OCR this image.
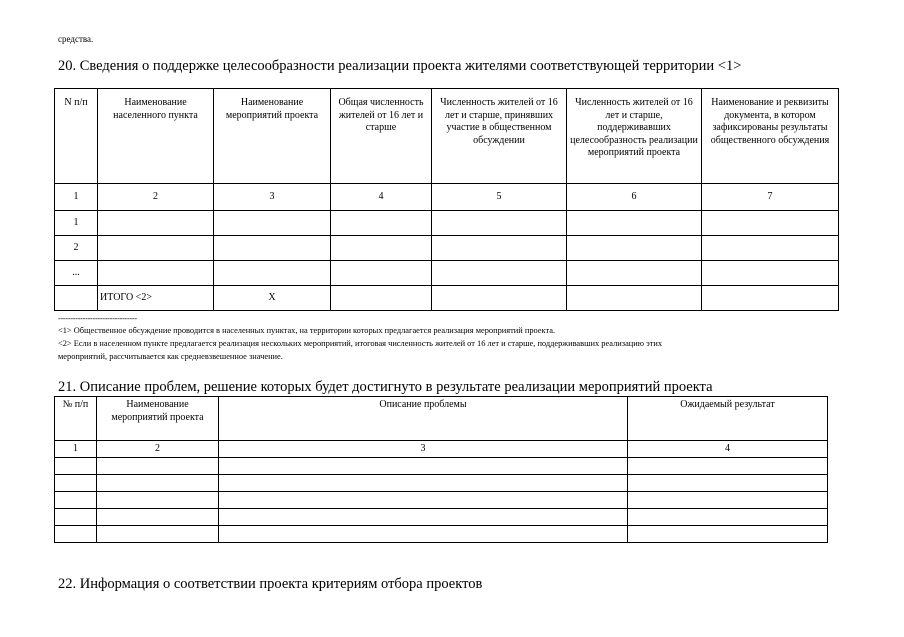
средства.
20. Сведения о поддержке целесообразности реализации проекта жителями соответствующей территории <1>
N п/п	Наименование населенного пункта	Наименование мероприятий проекта	Общая численность жителей от 16 лет и старше	Численность жителей от 16 лет и старше, принявших участие в общественном обсуждении	Численность жителей от 16 лет и старше, поддерживавших целесообразность реализации мероприятий проекта	Наименование и реквизиты документа, в котором зафиксированы результаты общественного обсуждения
1	2	3	4	5	6	7
1						
2						
...						
	ИТОГО <2>	Х				
--------------------------------
<1> Общественное обсуждение проводится в населенных пунктах, на территории которых предлагается реализация мероприятий проекта.
<2> Если в населенном пункте предлагается реализация нескольких мероприятий, итоговая численность жителей от 16 лет и старше, поддерживавших реализацию этих
мероприятий, рассчитывается как средневзвешенное значение.
21. Описание проблем, решение которых будет достигнуто в результате реализации мероприятий проекта
№ п/п	Наименование мероприятий проекта	Описание проблемы	Ожидаемый результат
1	2	3	4

22. Информация о соответствии проекта критериям отбора проектов
